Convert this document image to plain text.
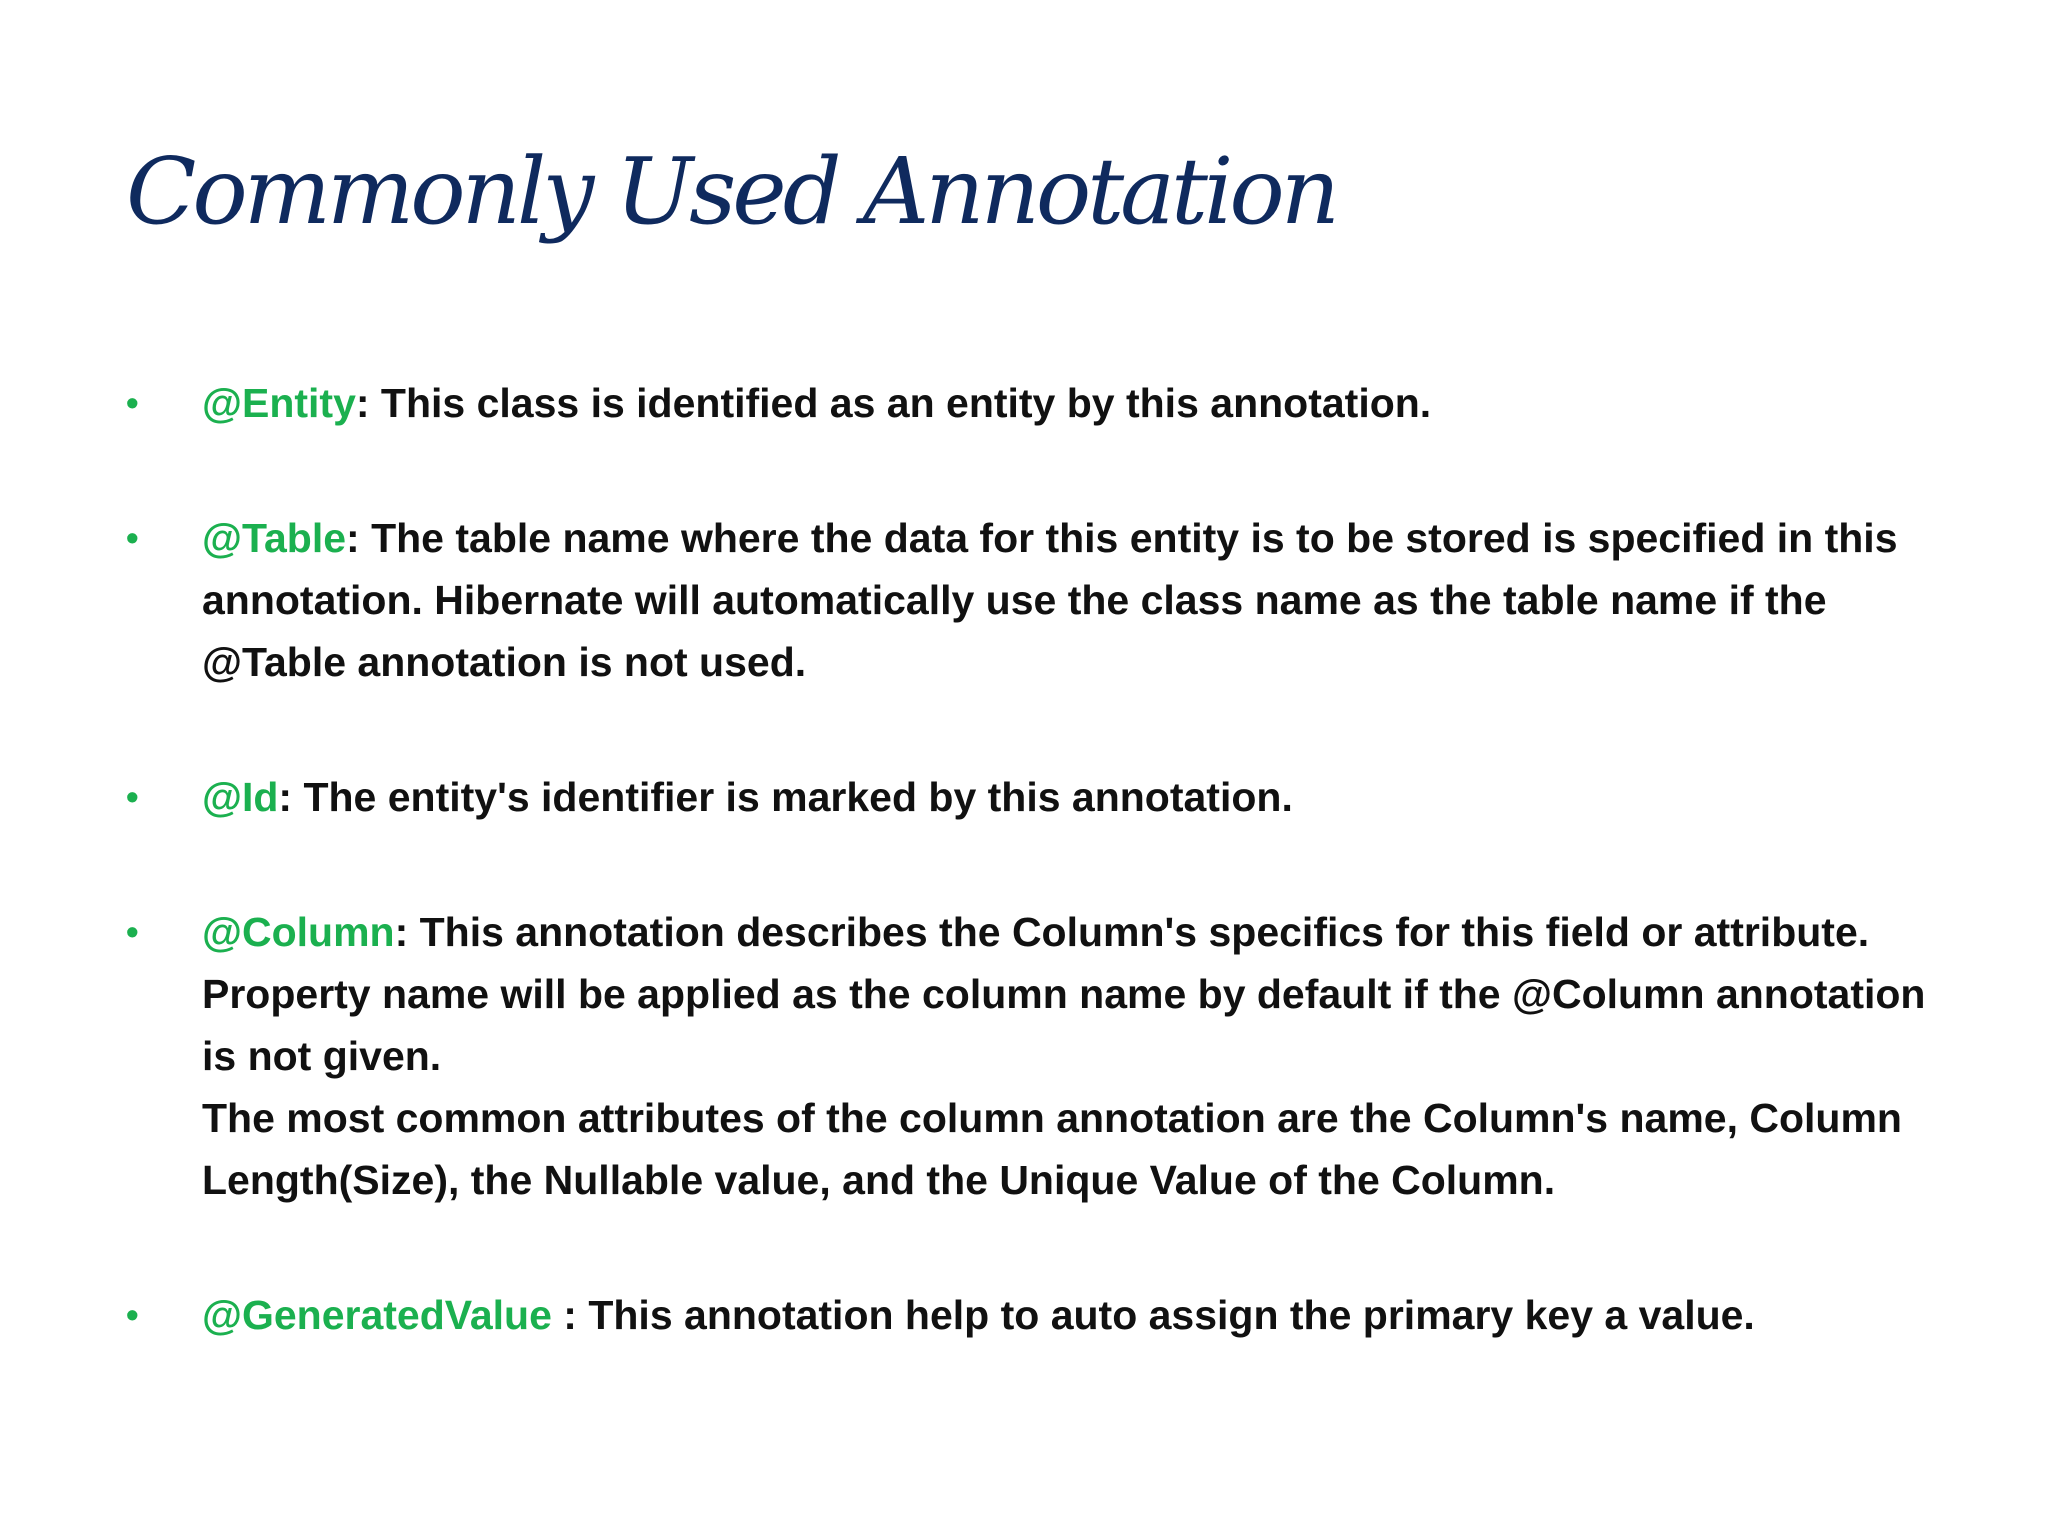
Commonly Used Annotation
• @Entity: This class is identified as an entity by this annotation.
• @Table: The table name where the data for this entity is to be stored is specified in this annotation. Hibernate will automatically use the class name as the table name if the @Table annotation is not used.
• @Id: The entity's identifier is marked by this annotation.
• @Column: This annotation describes the Column's specifics for this field or attribute. Property name will be applied as the column name by default if the @Column annotation is not given.
The most common attributes of the column annotation are the Column's name, Column Length(Size), the Nullable value, and the Unique Value of the Column.
• @GeneratedValue : This annotation help to auto assign the primary key a value.
